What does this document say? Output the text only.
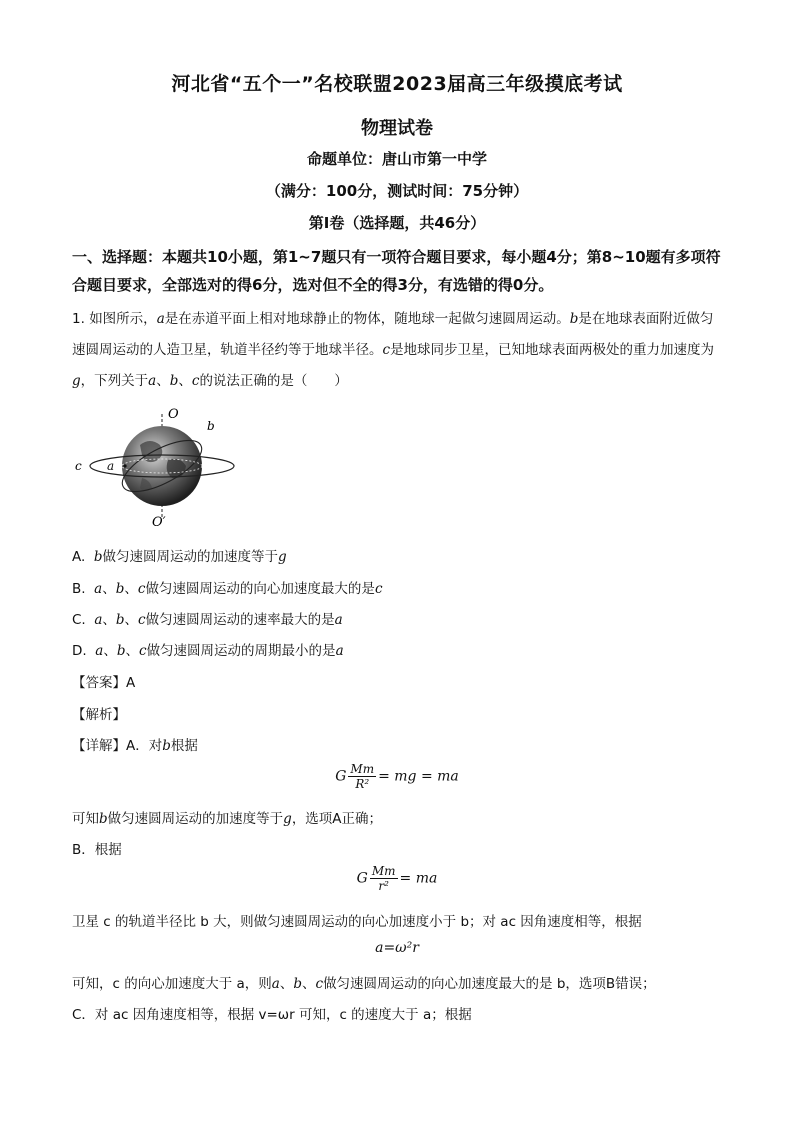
河北省“五个一”名校联盟2023届高三年级摸底考试
物理试卷
命题单位：唐山市第一中学
（满分：100分，测试时间：75分钟）
第Ⅰ卷（选择题，共46分）
一、选择题：本题共10小题，第1~7题只有一项符合题目要求，每小题4分；第8~10题有多项符合题目要求，全部选对的得6分，选对但不全的得3分，有选错的得0分。
1. 如图所示，a是在赤道平面上相对地球静止的物体，随地球一起做匀速圆周运动。b是在地球表面附近做匀速圆周运动的人造卫星，轨道半径约等于地球半径。c是地球同步卫星，已知地球表面两极处的重力加速度为g，下列关于a、b、c的说法正确的是（　　）
O
O′
a
b
c
A. b做匀速圆周运动的加速度等于g
B. a、b、c做匀速圆周运动的向心加速度最大的是c
C. a、b、c做匀速圆周运动的速率最大的是a
D. a、b、c做匀速圆周运动的周期最小的是a
【答案】A
【解析】
【详解】A．对b根据
G $\frac{Mm}{\text{R²}}$ = mg = ma
可知b做匀速圆周运动的加速度等于g，选项A正确；
B．根据
G $\frac{Mm}{\text{r²}}$ = ma
卫星 c 的轨道半径比 b 大，则做匀速圆周运动的向心加速度小于 b；对 ac 因角速度相等，根据
a=ω²r
可知，c 的向心加速度大于 a，则a、b、c做匀速圆周运动的向心加速度最大的是 b，选项B错误；
C．对 ac 因角速度相等，根据 v=ωr 可知，c 的速度大于 a；根据
